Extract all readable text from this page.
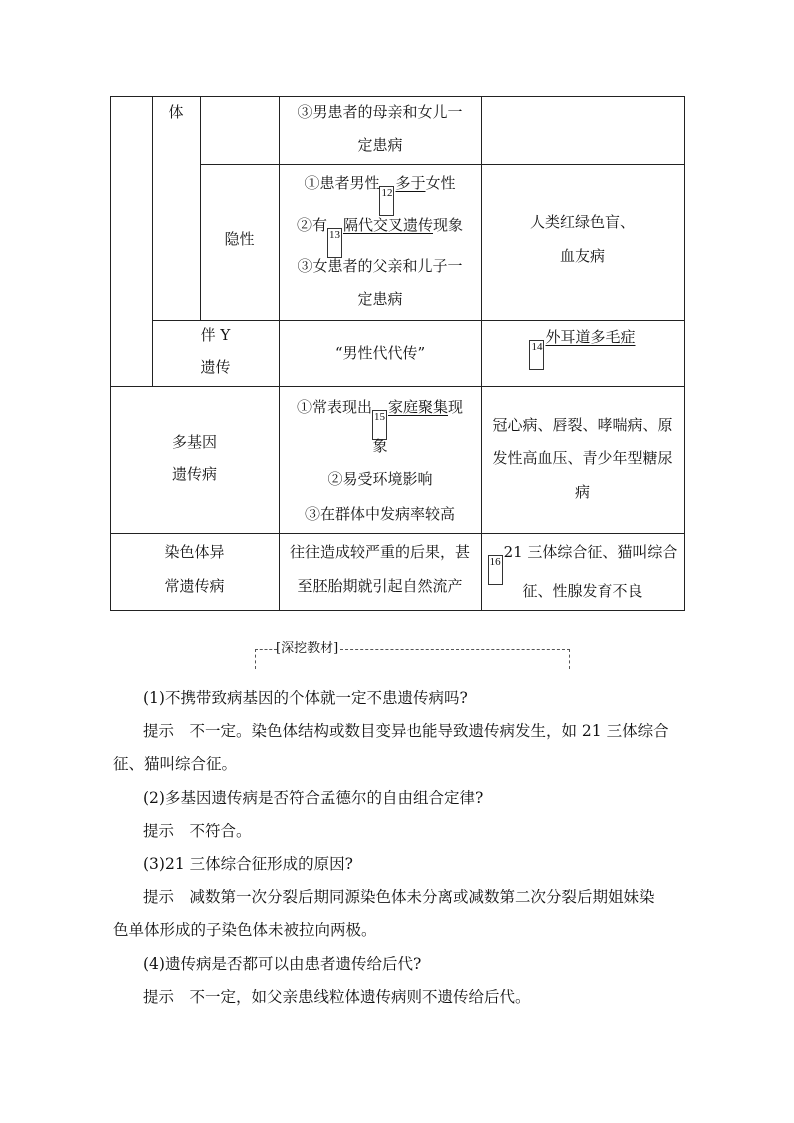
体	③男患者的母亲和女儿一
定患病
隐性
①患者男性12多于女性
②有13隔代交叉遗传现象
③女患者的父亲和儿子一
定患病
人类红绿色盲、
血友病
伴 Y
遗传
“男性代代传”	14外耳道多毛症
多基因
遗传病
①常表现出15家庭聚集现
象
②易受环境影响
③在群体中发病率较高
冠心病、唇裂、哮喘病、原
发性高血压、青少年型糖尿
病
染色体异
常遗传病
往往造成较严重的后果，甚
至胚胎期就引起自然流产
1621 三体综合征、猫叫综合
征、性腺发育不良
[深挖教材]
(1)不携带致病基因的个体就一定不患遗传病吗?
提示　不一定。染色体结构或数目变异也能导致遗传病发生，如 21 三体综合
征、猫叫综合征。
(2)多基因遗传病是否符合孟德尔的自由组合定律?
提示　不符合。
(3)21 三体综合征形成的原因?
提示　减数第一次分裂后期同源染色体未分离或减数第二次分裂后期姐妹染
色单体形成的子染色体未被拉向两极。
(4)遗传病是否都可以由患者遗传给后代?
提示　不一定，如父亲患线粒体遗传病则不遗传给后代。
